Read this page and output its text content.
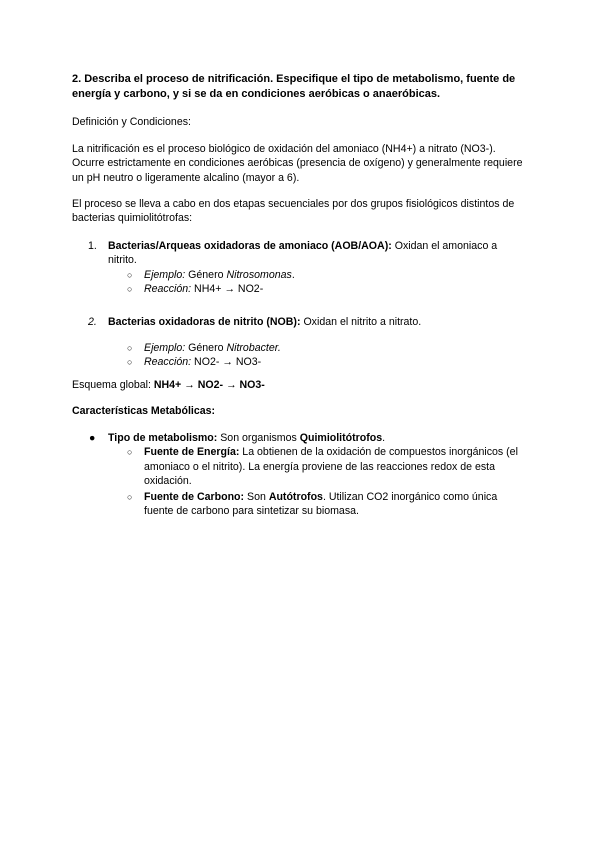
2. Describa el proceso de nitrificación. Especifique el tipo de metabolismo, fuente de energía y carbono, y si se da en condiciones aeróbicas o anaeróbicas.
Definición y Condiciones:
La nitrificación es el proceso biológico de oxidación del amoniaco (NH4+) a nitrato (NO3-). Ocurre estrictamente en condiciones aeróbicas (presencia de oxígeno) y generalmente requiere un pH neutro o ligeramente alcalino (mayor a 6).
El proceso se lleva a cabo en dos etapas secuenciales por dos grupos fisiológicos distintos de bacterias quimiolitótrofas:
1. Bacterias/Arqueas oxidadoras de amoniaco (AOB/AOA): Oxidan el amoniaco a nitrito.
○ Ejemplo: Género Nitrosomonas.
○ Reacción: NH4+ → NO2-
2. Bacterias oxidadoras de nitrito (NOB): Oxidan el nitrito a nitrato.
○ Ejemplo: Género Nitrobacter.
○ Reacción: NO2- → NO3-
Esquema global: NH4+ → NO2- → NO3-
Características Metabólicas:
● Tipo de metabolismo: Son organismos Quimiolitótrofos.
○ Fuente de Energía: La obtienen de la oxidación de compuestos inorgánicos (el amoniaco o el nitrito). La energía proviene de las reacciones redox de esta oxidación.
○ Fuente de Carbono: Son Autótrofos. Utilizan CO2 inorgánico como única fuente de carbono para sintetizar su biomasa.
